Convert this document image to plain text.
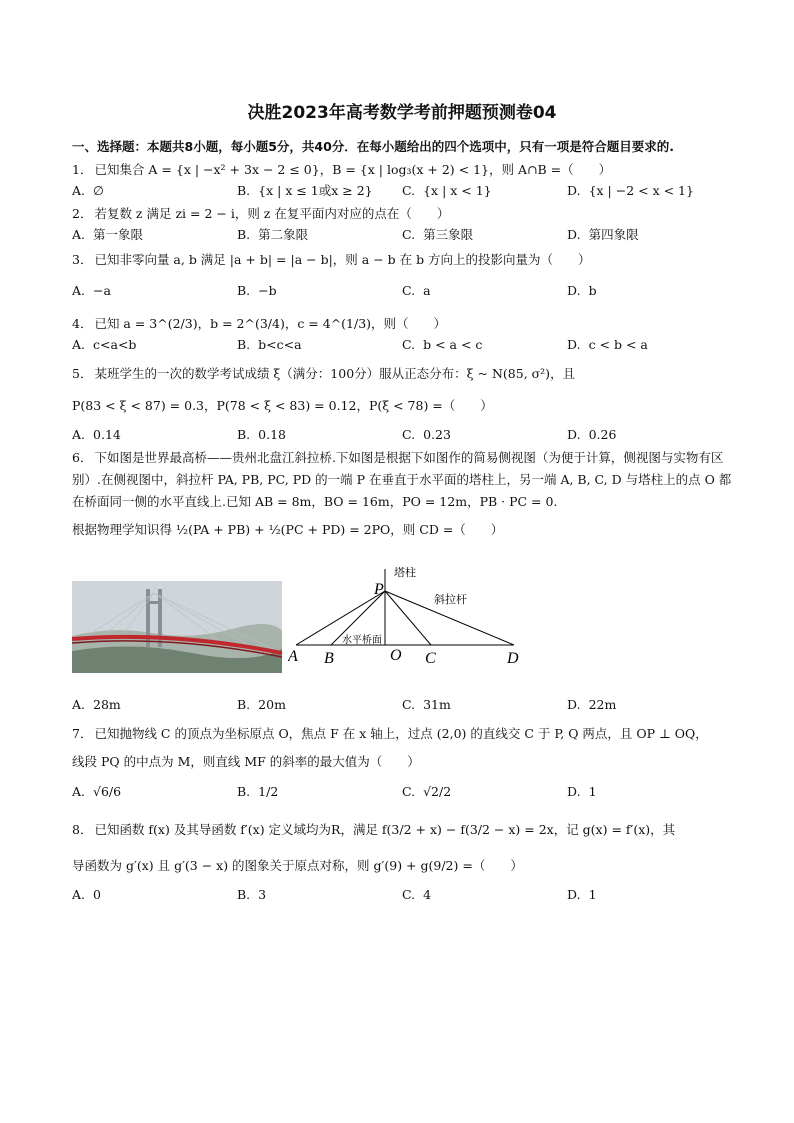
决胜2023年高考数学考前押题预测卷04
一、选择题：本题共8小题，每小题5分，共40分．在每小题给出的四个选项中，只有一项是符合题目要求的.
1． 已知集合 A = {x | −x² + 3x − 2 ≤ 0}，B = {x | log₃(x + 2) < 1}，则 A∩B =（　　）
A. ∅	B. {x | x ≤ 1或x ≥ 2}	C. {x | x < 1}	D. {x | −2 < x < 1}
2． 若复数 z 满足 zi = 2 − i，则 z 在复平面内对应的点在（　　）
A. 第一象限	B. 第二象限	C. 第三象限	D. 第四象限
3． 已知非零向量 a, b 满足 |a + b| = |a − b|，则 a − b 在 b 方向上的投影向量为（　　）
A. −a	B. −b	C. a	D. b
4． 已知 a = 3^(2/3)，b = 2^(3/4)，c = 4^(1/3)，则（　　）
A. c<a<b	B. b<c<a	C. b < a < c	D. c < b < a
5． 某班学生的一次的数学考试成绩 ξ（满分：100分）服从正态分布：ξ ~ N(85, σ²)，且
P(83 < ξ < 87) = 0.3，P(78 < ξ < 83) = 0.12，P(ξ < 78) =（　　）
A. 0.14	B. 0.18	C. 0.23	D. 0.26
6． 下如图是世界最高桥——贵州北盘江斜拉桥.下如图是根据下如图作的简易侧视图（为便于计算，侧视图与实物有区别）.在侧视图中，斜拉杆 PA, PB, PC, PD 的一端 P 在垂直于水平面的塔柱上，另一端 A, B, C, D 与塔柱上的点 O 都在桥面同一侧的水平直线上.已知 AB = 8m，BO = 16m，PO = 12m，PB · PC = 0.
根据物理学知识得 ½(PA + PB) + ½(PC + PD) = 2PO，则 CD =（　　）
塔柱
斜拉杆
水平桥面
P
A B	O C	D
A. 28m	B. 20m	C. 31m	D. 22m
7． 已知抛物线 C 的顶点为坐标原点 O，焦点 F 在 x 轴上，过点 (2,0) 的直线交 C 于 P, Q 两点，且 OP ⊥ OQ，
线段 PQ 的中点为 M，则直线 MF 的斜率的最大值为（　　）
A. √6/6	B. 1/2	C. √2/2	D. 1
8． 已知函数 f(x) 及其导函数 f′(x) 定义域均为R，满足 f(3/2 + x) − f(3/2 − x) = 2x，记 g(x) = f′(x)，其
导函数为 g′(x) 且 g′(3 − x) 的图象关于原点对称，则 g′(9) + g(9/2) =（　　）
A. 0	B. 3	C. 4	D. 1
